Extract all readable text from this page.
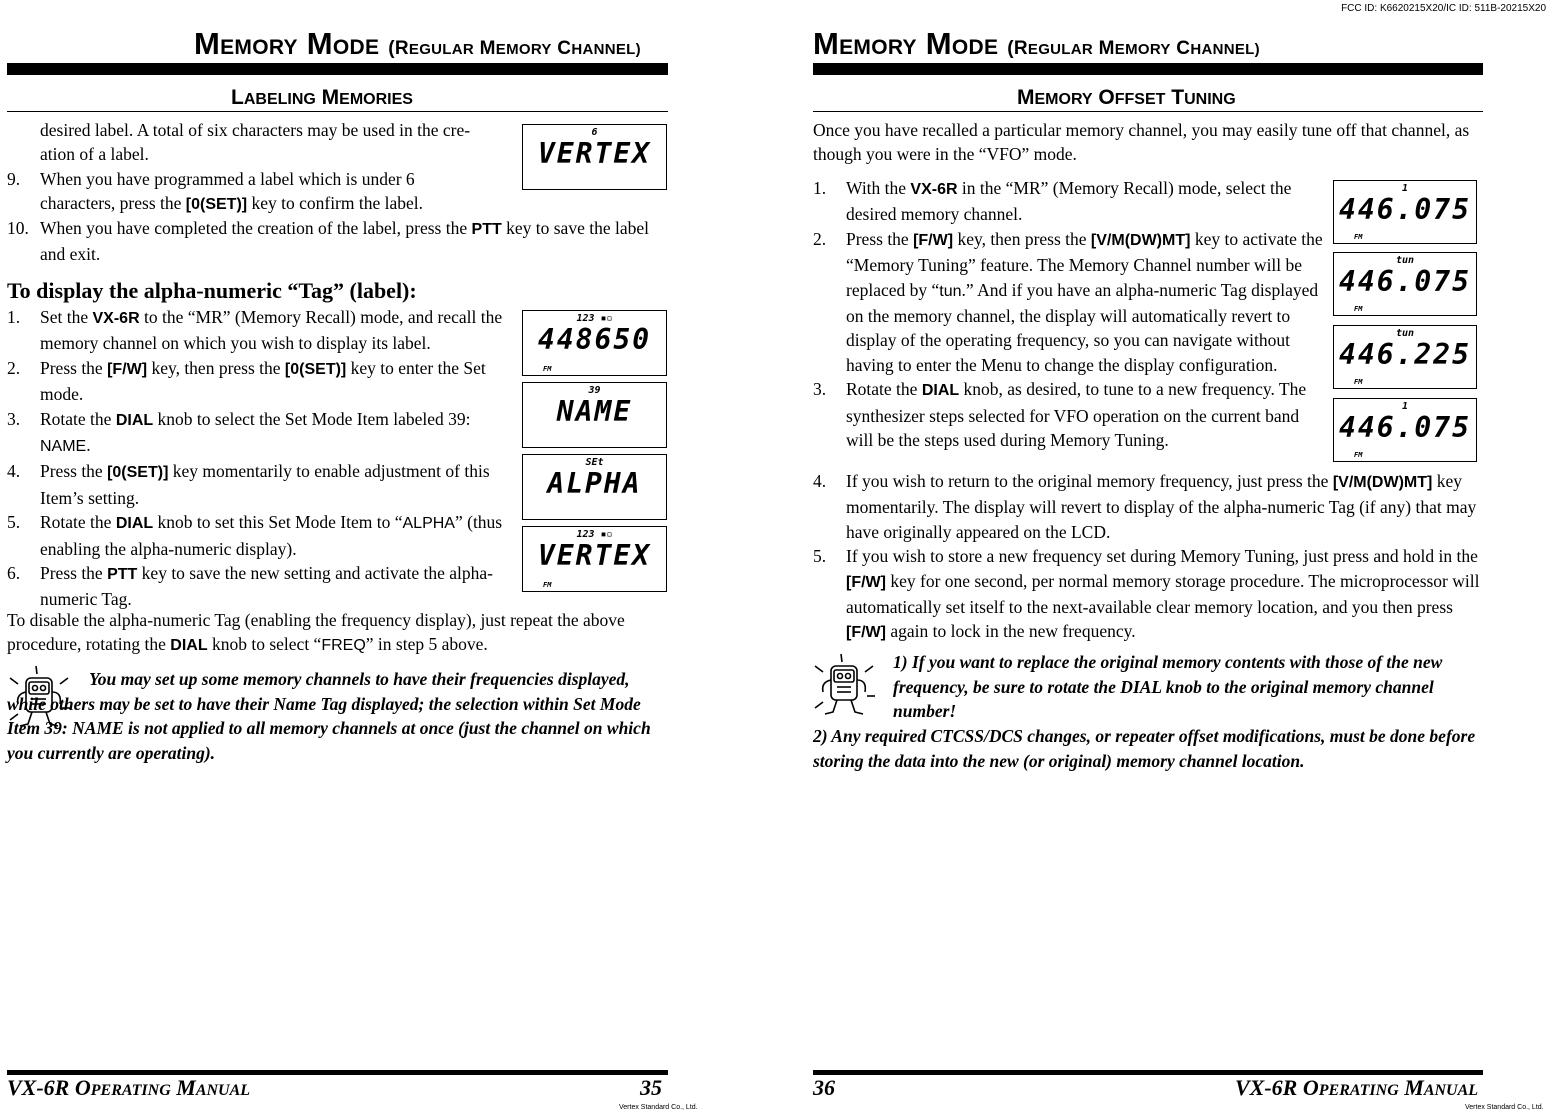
MEMORY MODE (REGULAR MEMORY CHANNEL)
LABELING MEMORIES
desired label. A total of six characters may be used in the cre-
ation of a label.
9. When you have programmed a label which is under 6 characters, press the [0(SET)] key to confirm the label.
10. When you have completed the creation of the label, press the PTT key to save the label and exit.
To display the alpha-numeric “Tag” (label):
1. Set the VX-6R to the “MR” (Memory Recall) mode, and recall the memory channel on which you wish to display its label.
2. Press the [F/W] key, then press the [0(SET)] key to enter the Set mode.
3. Rotate the DIAL knob to select the Set Mode Item labeled 39: NAME.
4. Press the [0(SET)] key momentarily to enable adjustment of this Item’s setting.
5. Rotate the DIAL knob to set this Set Mode Item to “ALPHA” (thus enabling the alpha-numeric display).
6. Press the PTT key to save the new setting and activate the alpha-numeric Tag.
6
VERTEX
123 ▪▫
448650
FM
39
NAME
SEt
ALPHA
123 ▪▫
VERTEX
FM
To disable the alpha-numeric Tag (enabling the frequency display), just repeat the above procedure, rotating the DIAL knob to select “FREQ” in step 5 above.
You may set up some memory channels to have their frequencies displayed, while others may be set to have their Name Tag displayed; the selection within Set Mode Item 39: NAME is not applied to all memory channels at once (just the channel on which you currently are operating).
VX-6R OPERATING MANUAL	35
Vertex Standard Co., Ltd.
FCC ID: K6620215X20/IC ID: 511B-20215X20
MEMORY MODE (REGULAR MEMORY CHANNEL)
MEMORY OFFSET TUNING
Once you have recalled a particular memory channel, you may easily tune off that channel, as though you were in the “VFO” mode.
1. With the VX-6R in the “MR” (Memory Recall) mode, select the desired memory channel.
2. Press the [F/W] key, then press the [V/M(DW)MT] key to activate the “Memory Tuning” feature. The Memory Channel number will be replaced by “tun.” And if you have an alpha-numeric Tag displayed on the memory channel, the display will automatically revert to display of the operating frequency, so you can navigate without having to enter the Menu to change the display configuration.
3. Rotate the DIAL knob, as desired, to tune to a new frequency. The synthesizer steps selected for VFO operation on the current band will be the steps used during Memory Tuning.
4. If you wish to return to the original memory frequency, just press the [V/M(DW)MT] key momentarily. The display will revert to display of the alpha-numeric Tag (if any) that may have originally appeared on the LCD.
5. If you wish to store a new frequency set during Memory Tuning, just press and hold in the [F/W] key for one second, per normal memory storage procedure. The microprocessor will automatically set itself to the next-available clear memory location, and you then press [F/W] again to lock in the new frequency.
1
446.075
FM
tun
446.075
FM
tun
446.225
FM
1
446.075
FM
1) If you want to replace the original memory contents with those of the new frequency, be sure to rotate the DIAL knob to the original memory channel number!
2) Any required CTCSS/DCS changes, or repeater offset modifications, must be done before storing the data into the new (or original) memory channel location.
36	VX-6R OPERATING MANUAL
Vertex Standard Co., Ltd.
